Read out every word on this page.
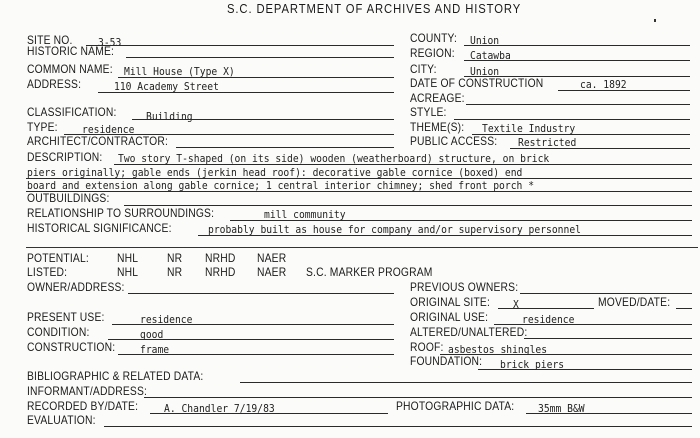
S.C. DEPARTMENT OF ARCHIVES AND HISTORY
SITE NO. 3-53
HISTORIC NAME:
COMMON NAME: Mill House (Type X)
ADDRESS:	110 Academy Street
COUNTY: Union
REGION: Catawba
CITY:	Union
DATE OF CONSTRUCTION	ca. 1892
ACREAGE:
CLASSIFICATION:	Building
TYPE: residence
ARCHITECT/CONTRACTOR:
STYLE:
THEME(S): Textile Industry
PUBLIC ACCESS: Restricted
DESCRIPTION: Two story T-shaped (on its side) wooden (weatherboard) structure, on brick
piers originally; gable ends (jerkin head roof): decorative gable cornice (boxed) end
board and extension along gable cornice; 1 central interior chimney; shed front porch *
OUTBUILDINGS:
RELATIONSHIP TO SURROUNDINGS:	mill community
HISTORICAL SIGNIFICANCE:	probably built as house for company and/or supervisory personnel
POTENTIAL: NHL NR NRHD NAER
LISTED:	NHL NR NRHD NAER S.C. MARKER PROGRAM
OWNER/ADDRESS:	PREVIOUS OWNERS:
ORIGINAL SITE: X	MOVED/DATE:
PRESENT USE:	residence	ORIGINAL USE:	residence
CONDITION:	good	ALTERED/UNALTERED:
CONSTRUCTION: frame	ROOF: asbestos shingles
FOUNDATION: brick piers
BIBLIOGRAPHIC & RELATED DATA:
INFORMANT/ADDRESS:
RECORDED BY/DATE: A. Chandler 7/19/83	PHOTOGRAPHIC DATA: 35mm B&W
EVALUATION:
